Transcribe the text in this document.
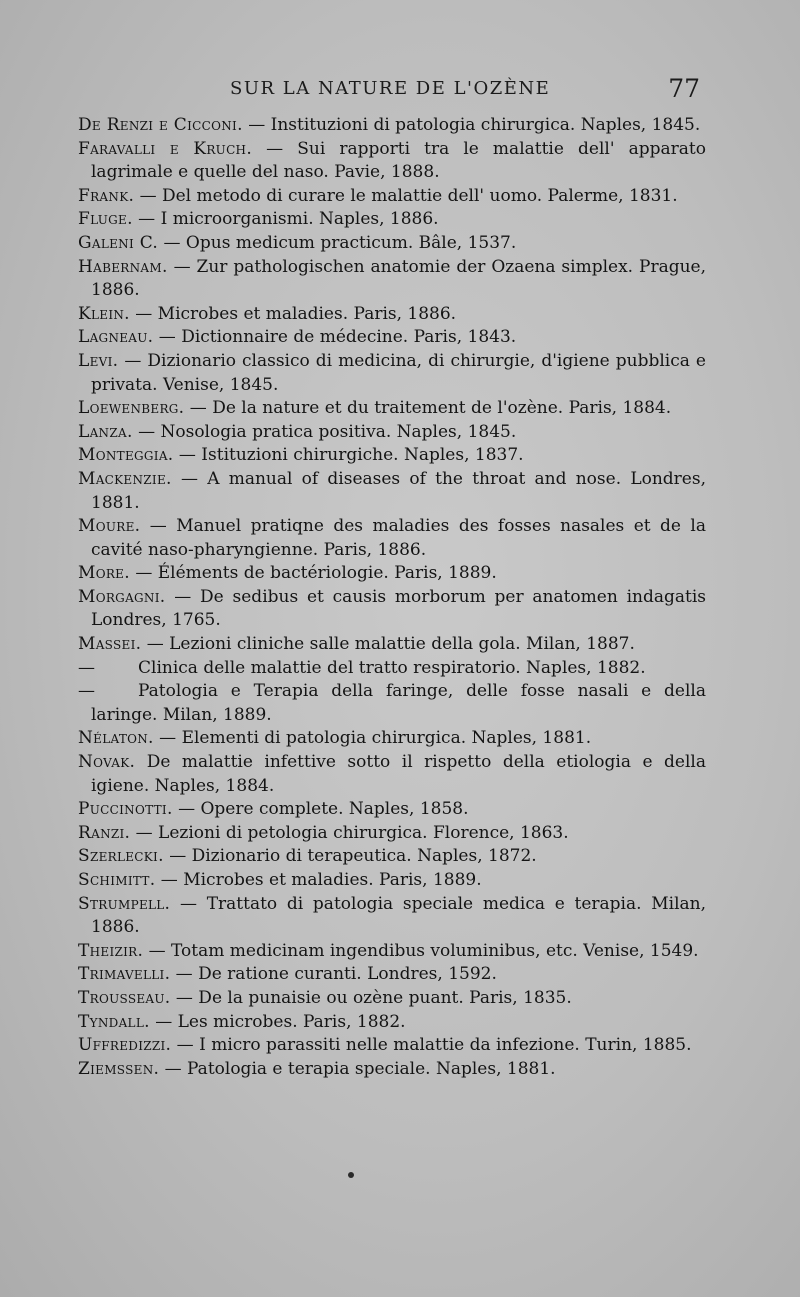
SUR LA NATURE DE L'OZÈNE	77
De Renzi e Cicconi. — Instituzioni di patologia chirurgica. Naples, 1845.
Faravalli e Kruch. — Sui rapporti tra le malattie dell' apparato lagrimale e quelle del naso. Pavie, 1888.
Frank. — Del metodo di curare le malattie dell' uomo. Palerme, 1831.
Fluge. — I microorganismi. Naples, 1886.
Galeni C. — Opus medicum practicum. Bâle, 1537.
Habernam. — Zur pathologischen anatomie der Ozaena simplex. Prague, 1886.
Klein. — Microbes et maladies. Paris, 1886.
Lagneau. — Dictionnaire de médecine. Paris, 1843.
Levi. — Dizionario classico di medicina, di chirurgie, d'igiene pubblica e privata. Venise, 1845.
Loewenberg. — De la nature et du traitement de l'ozène. Paris, 1884.
Lanza. — Nosologia pratica positiva. Naples, 1845.
Monteggia. — Istituzioni chirurgiche. Naples, 1837.
Mackenzie. — A manual of diseases of the throat and nose. Londres, 1881.
Moure. — Manuel pratiqne des maladies des fosses nasales et de la cavité naso-pharyngienne. Paris, 1886.
More. — Éléments de bactériologie. Paris, 1889.
Morgagni. — De sedibus et causis morborum per anatomen indagatis Londres, 1765.
Massei. — Lezioni cliniche salle malattie della gola. Milan, 1887.
—	Clinica delle malattie del tratto respiratorio. Naples, 1882.
—	Patologia e Terapia della faringe, delle fosse nasali e della laringe. Milan, 1889.
Nélaton. — Elementi di patologia chirurgica. Naples, 1881.
Novak. De malattie infettive sotto il rispetto della etiologia e della igiene. Naples, 1884.
Puccinotti. — Opere complete. Naples, 1858.
Ranzi. — Lezioni di petologia chirurgica. Florence, 1863.
Szerlecki. — Dizionario di terapeutica. Naples, 1872.
Schimitt. — Microbes et maladies. Paris, 1889.
Strumpell. — Trattato di patologia speciale medica e terapia. Milan, 1886.
Theizir. — Totam medicinam ingendibus voluminibus, etc. Venise, 1549.
Trimavelli. — De ratione curanti. Londres, 1592.
Trousseau. — De la punaisie ou ozène puant. Paris, 1835.
Tyndall. — Les microbes. Paris, 1882.
Uffredizzi. — I micro parassiti nelle malattie da infezione. Turin, 1885.
Ziemssen. — Patologia e terapia speciale. Naples, 1881.
